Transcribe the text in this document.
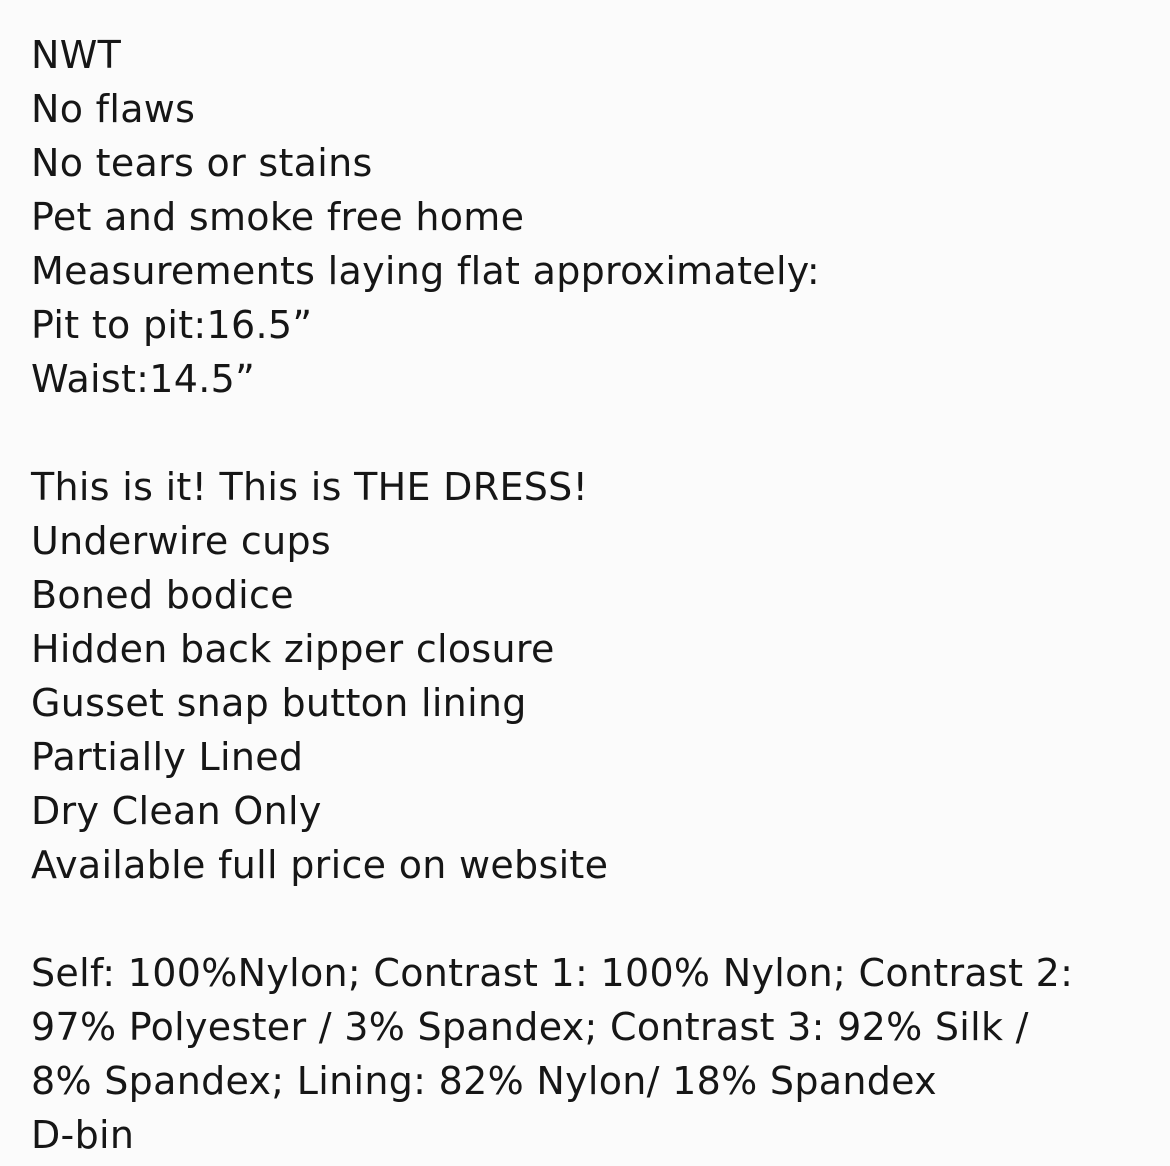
NWT
No flaws
No tears or stains
Pet and smoke free home
Measurements laying flat approximately:
Pit to pit:16.5”
Waist:14.5”
This is it! This is THE DRESS!
Underwire cups
Boned bodice
Hidden back zipper closure
Gusset snap button lining
Partially Lined
Dry Clean Only
Available full price on website
Self: 100%Nylon; Contrast 1: 100% Nylon; Contrast 2:
97% Polyester / 3% Spandex; Contrast 3: 92% Silk /
8% Spandex; Lining: 82% Nylon/ 18% Spandex
D-bin
